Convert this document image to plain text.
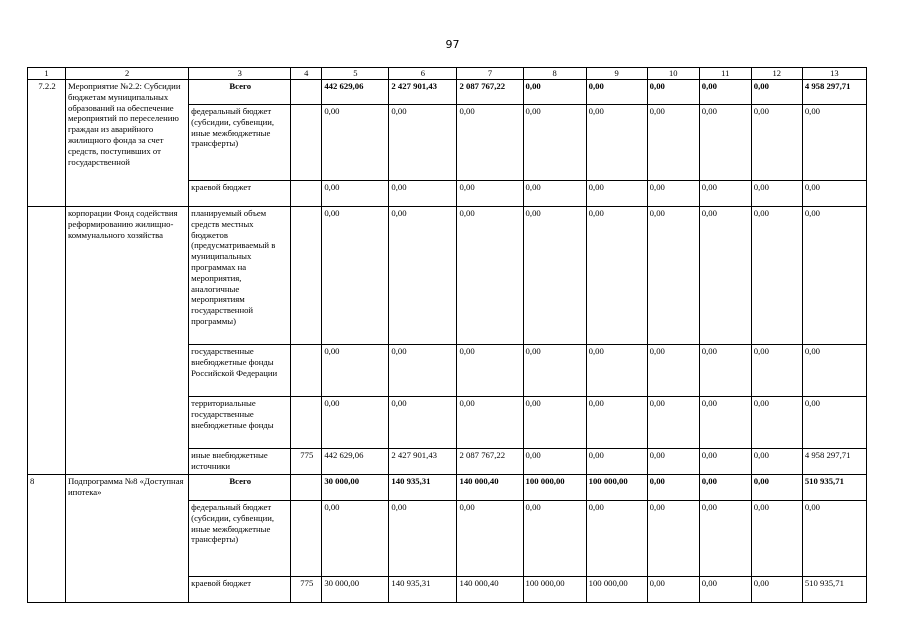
97
1	2	3	4	5	6	7	8	9	10	11	12	13
7.2.2	Мероприятие №2.2: Субсидии бюджетам муниципальных образований на обеспечение мероприятий по переселению граждан из аварийного жилищного фонда за счет средств, поступивших от государственной	Всего		442 629,06	2 427 901,43	2 087 767,22	0,00	0,00	0,00	0,00	0,00	4 958 297,71
		федеральный бюджет (субсидии, субвенции, иные межбюджетные трансферты)		0,00	0,00	0,00	0,00	0,00	0,00	0,00	0,00	0,00
		краевой бюджет		0,00	0,00	0,00	0,00	0,00	0,00	0,00	0,00	0,00
	корпорации Фонд содействия реформированию жилищно-коммунального хозяйства	планируемый объем средств местных бюджетов (предусматриваемый в муниципальных программах на мероприятия, аналогичные мероприятиям государственной программы)		0,00	0,00	0,00	0,00	0,00	0,00	0,00	0,00	0,00
		государственные внебюджетные фонды Российской Федерации		0,00	0,00	0,00	0,00	0,00	0,00	0,00	0,00	0,00
		территориальные государственные внебюджетные фонды		0,00	0,00	0,00	0,00	0,00	0,00	0,00	0,00	0,00
		иные внебюджетные источники	775	442 629,06	2 427 901,43	2 087 767,22	0,00	0,00	0,00	0,00	0,00	4 958 297,71
8	Подпрограмма №8 «Доступная ипотека»	Всего		30 000,00	140 935,31	140 000,40	100 000,00	100 000,00	0,00	0,00	0,00	510 935,71
		федеральный бюджет (субсидии, субвенции, иные межбюджетные трансферты)		0,00	0,00	0,00	0,00	0,00	0,00	0,00	0,00	0,00
		краевой бюджет	775	30 000,00	140 935,31	140 000,40	100 000,00	100 000,00	0,00	0,00	0,00	510 935,71
